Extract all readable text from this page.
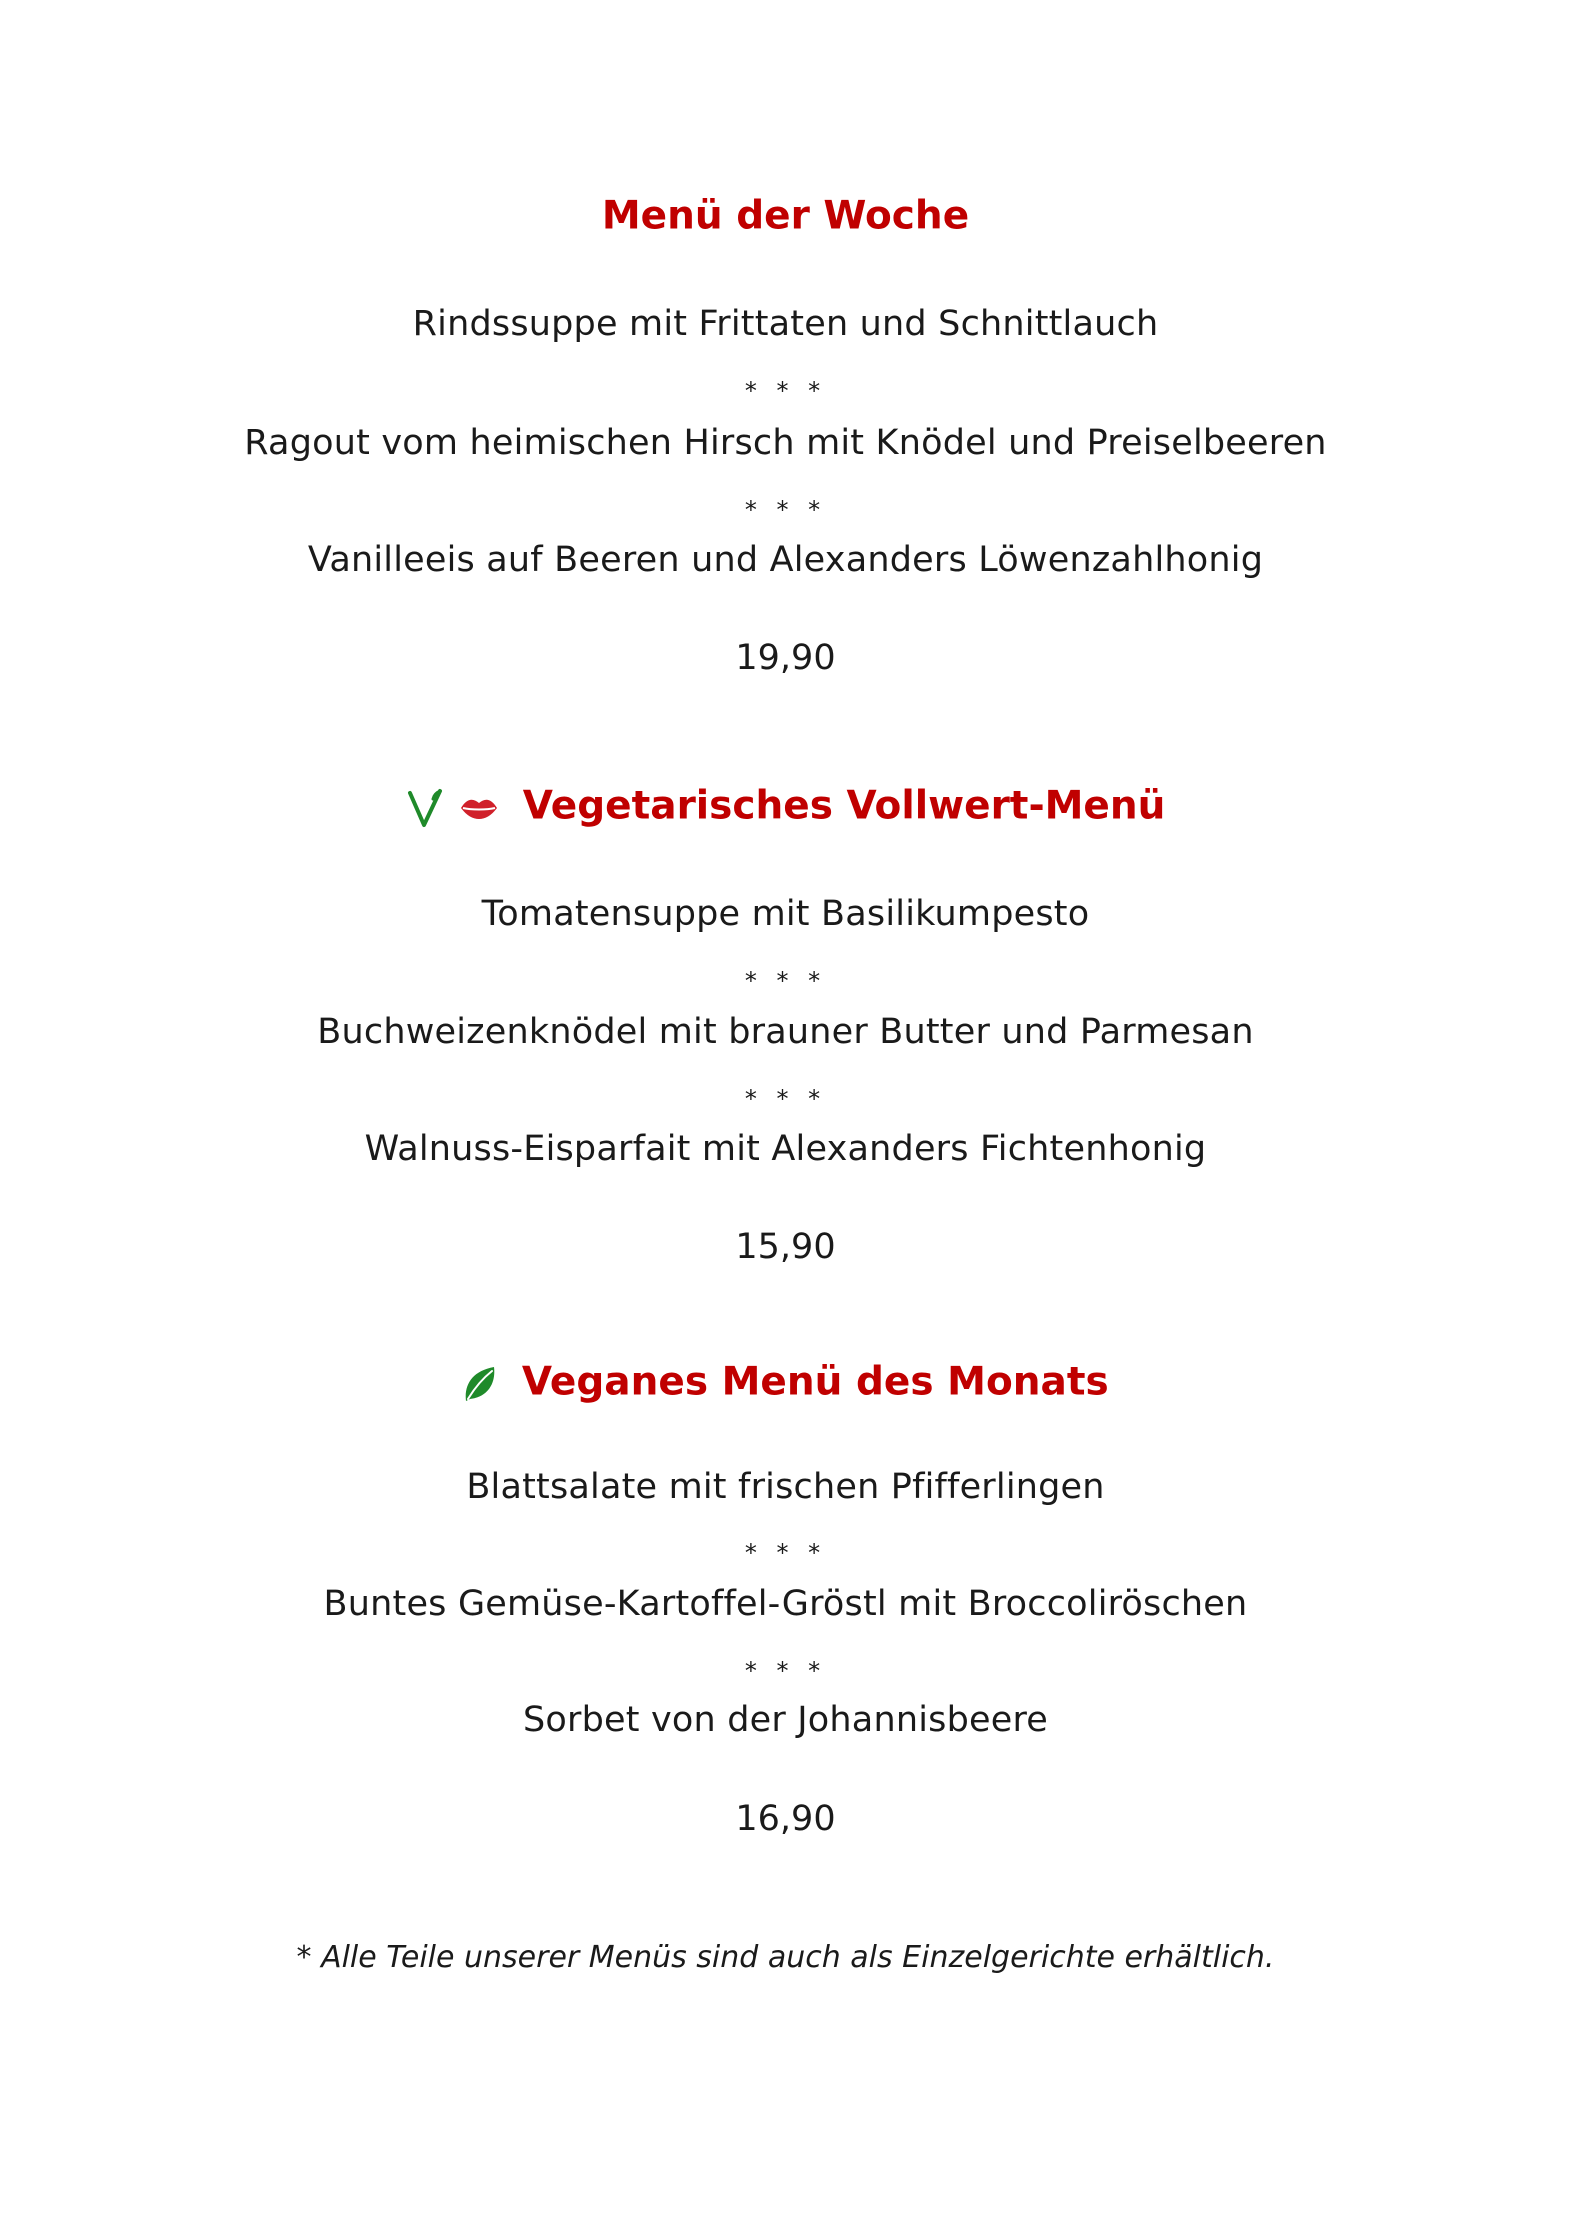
Menü der Woche
Rindssuppe mit Frittaten und Schnittlauch
* * *
Ragout vom heimischen Hirsch mit Knödel und Preiselbeeren
* * *
Vanilleeis auf Beeren und Alexanders Löwenzahlhonig
19,90
Vegetarisches Vollwert-Menü
Tomatensuppe mit Basilikumpesto
* * *
Buchweizenknödel mit brauner Butter und Parmesan
* * *
Walnuss-Eisparfait mit Alexanders Fichtenhonig
15,90
Veganes Menü des Monats
Blattsalate mit frischen Pfifferlingen
* * *
Buntes Gemüse-Kartoffel-Gröstl mit Broccoliröschen
* * *
Sorbet von der Johannisbeere
16,90
* Alle Teile unserer Menüs sind auch als Einzelgerichte erhältlich.
